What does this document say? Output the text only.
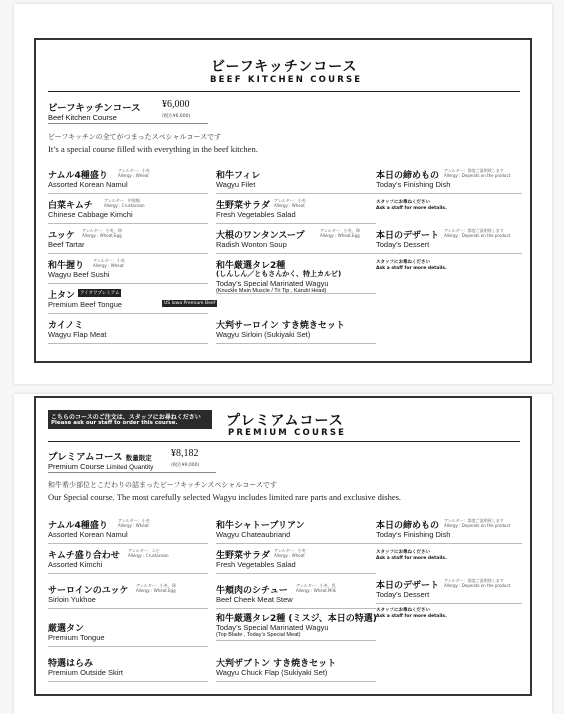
ビーフキッチンコース
BEEF KITCHEN COURSE
ビーフキッチンコース
Beef Kitchen Course
¥6,000
(税込¥6,600)
ビーフキッチンの全てがつまったスペシャルコースです
It’s a special course filled with everything in the beef kitchen.
ナムル4種盛り
アレルギー：小麦
Allergy : Wheat
Assorted Korean Namul
白菜キムチ
アレルギー：甲殻類
Allergy : Crustacean
Chinese Cabbage Kimchi
ユッケ
アレルギー：小麦、卵
Allergy : Wheat.Egg
Beef Tartar
和牛握り
アレルギー：小麦
Allergy : Wheat
Wagyu Beef Sushi
上タン	アイオワプレミアム
Premium Beef Tongue	US Iowa Premium Beef
カイノミ
Wagyu Flap Meat
和牛フィレ
Wagyu Filet
生野菜サラダ
アレルギー：小麦
Allergy : Wheat
Fresh Vegetables Salad
大根のワンタンスープ
アレルギー：小麦、卵
Allergy : Wheat.Egg
Radish Wonton Soup
和牛厳選タレ2種
(しんしん／ともさんかく、特上カルビ)
Today’s Special Marinated Wagyu
(Knuckle Main Muscle / Tri Tip , Karubi Head)
大判サーロイン すき焼きセット
Wagyu Sirloin (Sukiyaki Set)
本日の締めもの
アレルギー：都度ご説明致します
Allergy : Depends on the product
Today’s Finishing Dish
スタッフにお尋ねください
Ask a staff for more details.
本日のデザート
アレルギー：都度ご説明致します
Allergy : Depends on the product
Today’s Dessert
スタッフにお尋ねください
Ask a staff for more details.
こちらのコースのご注文は、スタッフにお尋ねください
Please ask our staff to order this course.	プレミアムコース
PREMIUM COURSE
プレミアムコース 数量限定
Premium Course Limited Quantity
¥8,182
(税込¥9,000)
和牛希少部位とこだわりの詰まったビーフキッチンスペシャルコースです
Our Special course. The most carefully selected Wagyu includes limited rare parts and exclusive dishes.
ナムル4種盛り
アレルギー：小麦
Allergy : Wheat
Assorted Korean Namul
キムチ盛り合わせ
アレルギー：エビ
Allergy : Crustacean
Assorted Kimchi
サーロインのユッケ
アレルギー：小麦、卵
Allergy : Wheat.Egg
Sirloin Yukhoe
厳選タン
Premium Tongue
特選はらみ
Premium Outside Skirt
和牛シャトーブリアン
Wagyu Chateaubriand
生野菜サラダ
アレルギー：小麦
Allergy : Wheat
Fresh Vegetables Salad
牛頬肉のシチュー
アレルギー：小麦、乳
Allergy : Wheat.Milk
Beef Cheek Meat Stew
和牛厳選タレ2種 (ミスジ、本日の特選)
Today’s Special Marinated Wagyu
(Top Blade , Today’s Special Meat)
大判ザブトン すき焼きセット
Wagyu Chuck Flap (Sukiyaki Set)
本日の締めもの
アレルギー：都度ご説明致します
Allergy : Depends on the product
Today’s Finishing Dish
スタッフにお尋ねください
Ask a staff for more details.
本日のデザート
アレルギー：都度ご説明致します
Allergy : Depends on the product
Today’s Dessert
スタッフにお尋ねください
Ask a staff for more details.
